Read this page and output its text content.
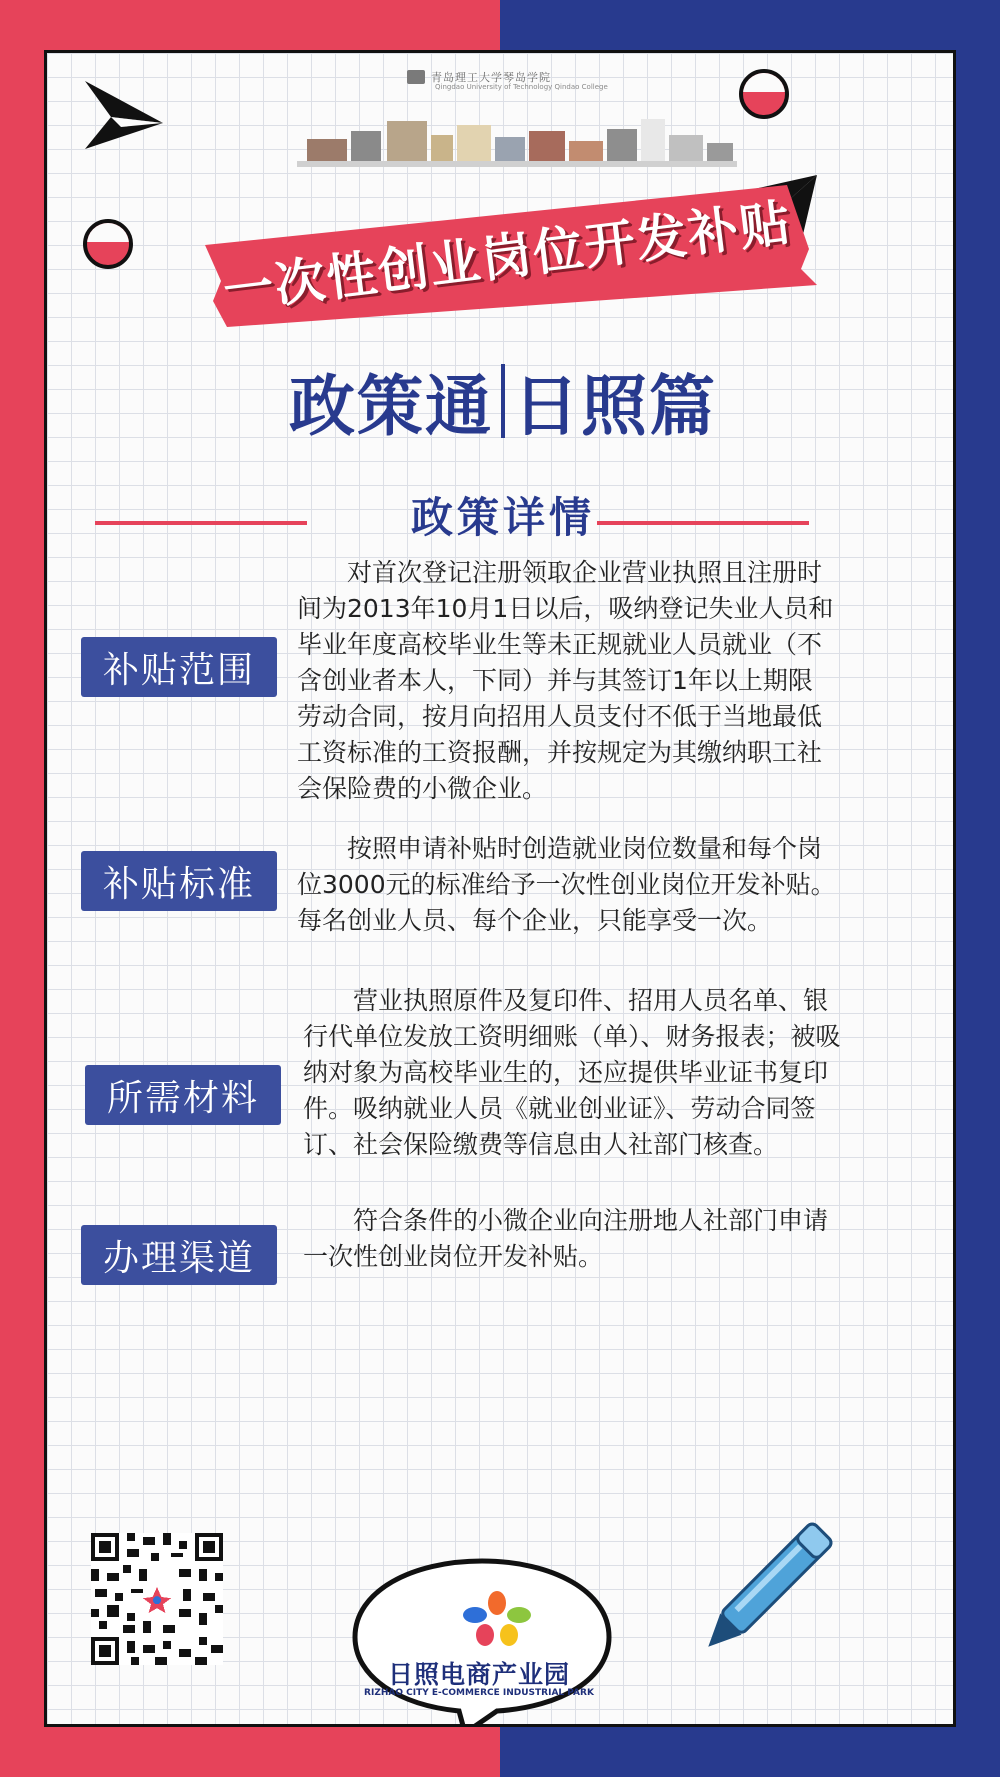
青岛理工大学琴岛学院
Qingdao University of Technology Qindao College
一次性创业岗位开发补贴
政策通 日照篇
政策详情
补贴范围
对首次登记注册领取企业营业执照且注册时间为2013年10月1日以后，吸纳登记失业人员和毕业年度高校毕业生等未正规就业人员就业（不含创业者本人，下同）并与其签订1年以上期限劳动合同，按月向招用人员支付不低于当地最低工资标准的工资报酬，并按规定为其缴纳职工社会保险费的小微企业。
补贴标准
按照申请补贴时创造就业岗位数量和每个岗位3000元的标准给予一次性创业岗位开发补贴。每名创业人员、每个企业，只能享受一次。
所需材料
营业执照原件及复印件、招用人员名单、银行代单位发放工资明细账（单）、财务报表；被吸纳对象为高校毕业生的，还应提供毕业证书复印件。吸纳就业人员《就业创业证》、劳动合同签订、社会保险缴费等信息由人社部门核查。
办理渠道
符合条件的小微企业向注册地人社部门申请一次性创业岗位开发补贴。
日照电商产业园
RIZHAO CITY E-COMMERCE INDUSTRIAL PARK
